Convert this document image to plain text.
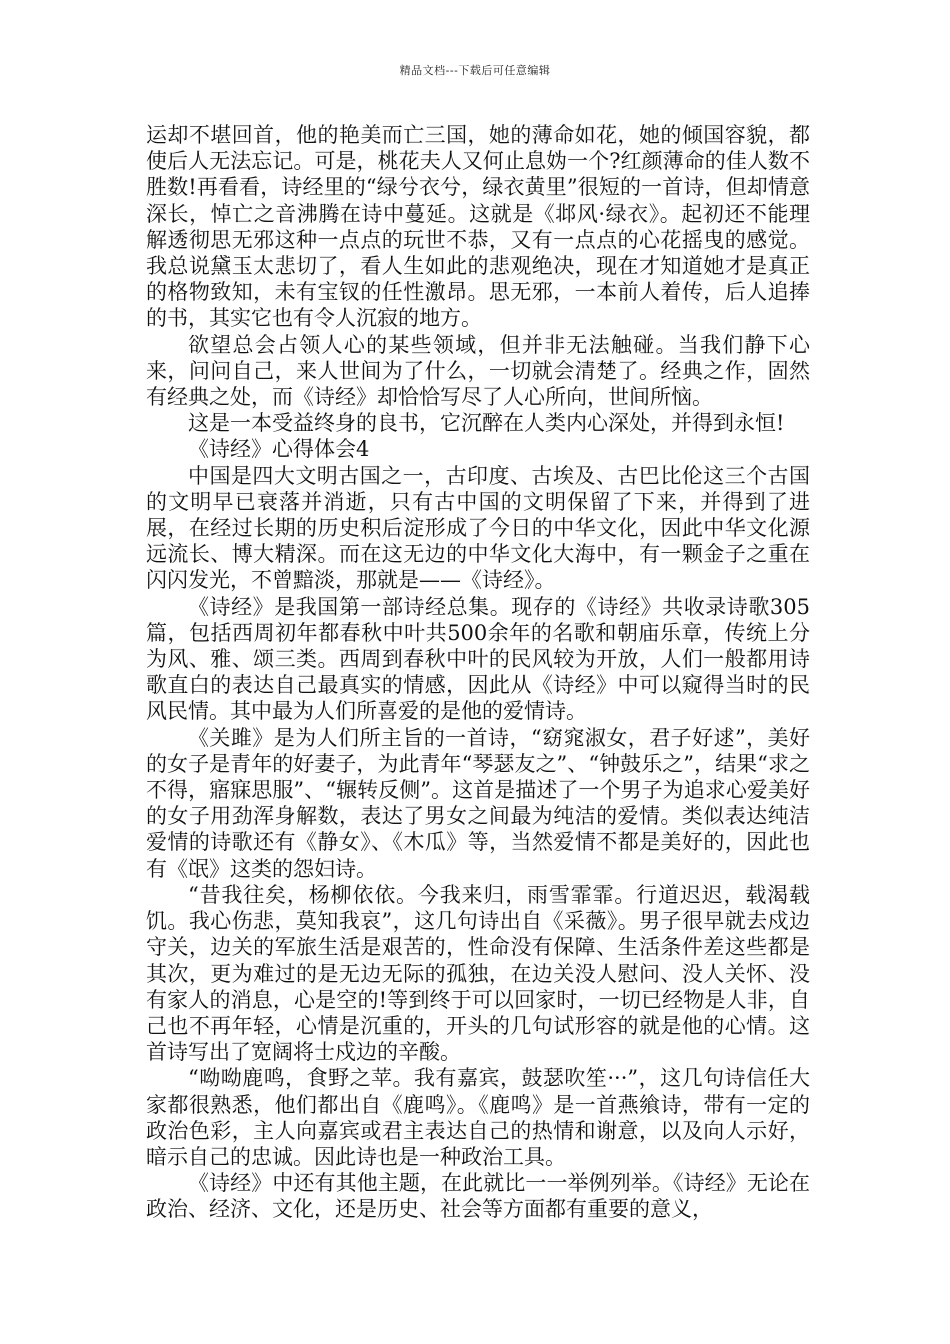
精品文档---下载后可任意编辑

运却不堪回首，他的艳美而亡三国，她的薄命如花，她的倾国容貌，都使后人无法忘记。可是，桃花夫人又何止息妫一个?红颜薄命的佳人数不胜数!再看看，诗经里的“绿兮衣兮，绿衣黄里”很短的一首诗，但却情意深长，悼亡之音沸腾在诗中蔓延。这就是《邶风·绿衣》。起初还不能理解透彻思无邪这种一点点的玩世不恭，又有一点点的心花摇曳的感觉。我总说黛玉太悲切了，看人生如此的悲观绝决，现在才知道她才是真正的格物致知，未有宝钗的任性激昂。思无邪，一本前人着传，后人追捧的书，其实它也有令人沉寂的地方。

欲望总会占领人心的某些领域，但并非无法触碰。当我们静下心来，问问自己，来人世间为了什么，一切就会清楚了。经典之作，固然有经典之处，而《诗经》却恰恰写尽了人心所向，世间所恼。

这是一本受益终身的良书，它沉醉在人类内心深处，并得到永恒!

《诗经》心得体会4

中国是四大文明古国之一，古印度、古埃及、古巴比伦这三个古国的文明早已衰落并消逝，只有古中国的文明保留了下来，并得到了进展，在经过长期的历史积后淀形成了今日的中华文化，因此中华文化源远流长、博大精深。而在这无边的中华文化大海中，有一颗金子之重在闪闪发光，不曾黯淡，那就是——《诗经》。

《诗经》是我国第一部诗经总集。现存的《诗经》共收录诗歌305篇，包括西周初年都春秋中叶共500余年的名歌和朝庙乐章，传统上分为风、雅、颂三类。西周到春秋中叶的民风较为开放，人们一般都用诗歌直白的表达自己最真实的情感，因此从《诗经》中可以窥得当时的民风民情。其中最为人们所喜爱的是他的爱情诗。

《关雎》是为人们所主旨的一首诗，“窈窕淑女，君子好逑”，美好的女子是青年的好妻子，为此青年“琴瑟友之”、“钟鼓乐之”，结果“求之不得，寤寐思服”、“辗转反侧”。这首是描述了一个男子为追求心爱美好的女子用劲浑身解数，表达了男女之间最为纯洁的爱情。类似表达纯洁爱情的诗歌还有《静女》、《木瓜》等，当然爱情不都是美好的，因此也有《氓》这类的怨妇诗。

“昔我往矣，杨柳依依。今我来归，雨雪霏霏。行道迟迟，载渴载饥。我心伤悲，莫知我哀”，这几句诗出自《采薇》。男子很早就去戍边守关，边关的军旅生活是艰苦的，性命没有保障、生活条件差这些都是其次，更为难过的是无边无际的孤独，在边关没人慰问、没人关怀、没有家人的消息，心是空的!等到终于可以回家时，一切已经物是人非，自己也不再年轻，心情是沉重的，开头的几句试形容的就是他的心情。这首诗写出了宽阔将士戍边的辛酸。

“呦呦鹿鸣，食野之苹。我有嘉宾，鼓瑟吹笙···”，这几句诗信任大家都很熟悉，他们都出自《鹿鸣》。《鹿鸣》是一首燕飨诗，带有一定的政治色彩，主人向嘉宾或君主表达自己的热情和谢意，以及向人示好，暗示自己的忠诚。因此诗也是一种政治工具。

《诗经》中还有其他主题，在此就比一一举例列举。《诗经》无论在政治、经济、文化，还是历史、社会等方面都有重要的意义，
